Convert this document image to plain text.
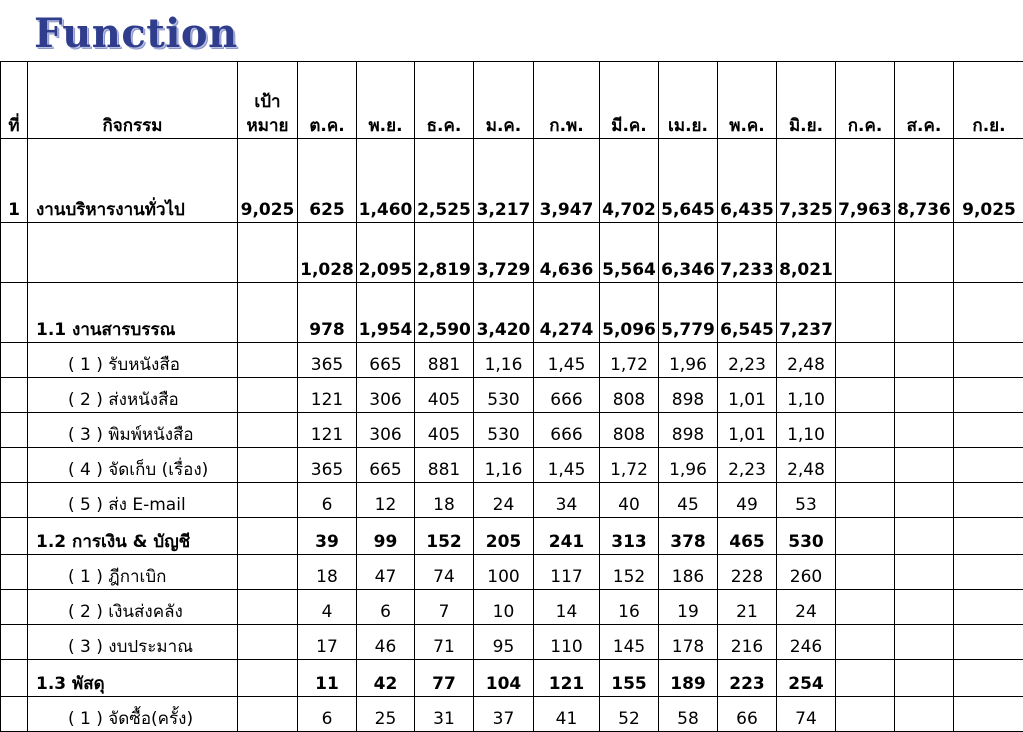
Function
ที่	กิจกรรม	เป้าหมาย	ต.ค.	พ.ย.	ธ.ค.	ม.ค.	ก.พ.	มี.ค.	เม.ย.	พ.ค.	มิ.ย.	ก.ค.	ส.ค.	ก.ย.
1	งานบริหารงานทั่วไป	9,025	625	1,460	2,525	3,217	3,947	4,702	5,645	6,435	7,325	7,963	8,736	9,025
			1,028	2,095	2,819	3,729	4,636	5,564	6,346	7,233	8,021			
	1.1 งานสารบรรณ		978	1,954	2,590	3,420	4,274	5,096	5,779	6,545	7,237			
	( 1 ) รับหนังสือ		365	665	881	1,16	1,45	1,72	1,96	2,23	2,48			
	( 2 ) ส่งหนังสือ		121	306	405	530	666	808	898	1,01	1,10			
	( 3 ) พิมพ์หนังสือ		121	306	405	530	666	808	898	1,01	1,10			
	( 4 ) จัดเก็บ (เรื่อง)		365	665	881	1,16	1,45	1,72	1,96	2,23	2,48			
	( 5 ) ส่ง E-mail		6	12	18	24	34	40	45	49	53			
	1.2 การเงิน & บัญชี		39	99	152	205	241	313	378	465	530			
	( 1 ) ฎีกาเบิก		18	47	74	100	117	152	186	228	260			
	( 2 ) เงินส่งคลัง		4	6	7	10	14	16	19	21	24			
	( 3 ) งบประมาณ		17	46	71	95	110	145	178	216	246			
	1.3 พัสดุ		11	42	77	104	121	155	189	223	254			
	( 1 ) จัดซื้อ(ครั้ง)		6	25	31	37	41	52	58	66	74			
